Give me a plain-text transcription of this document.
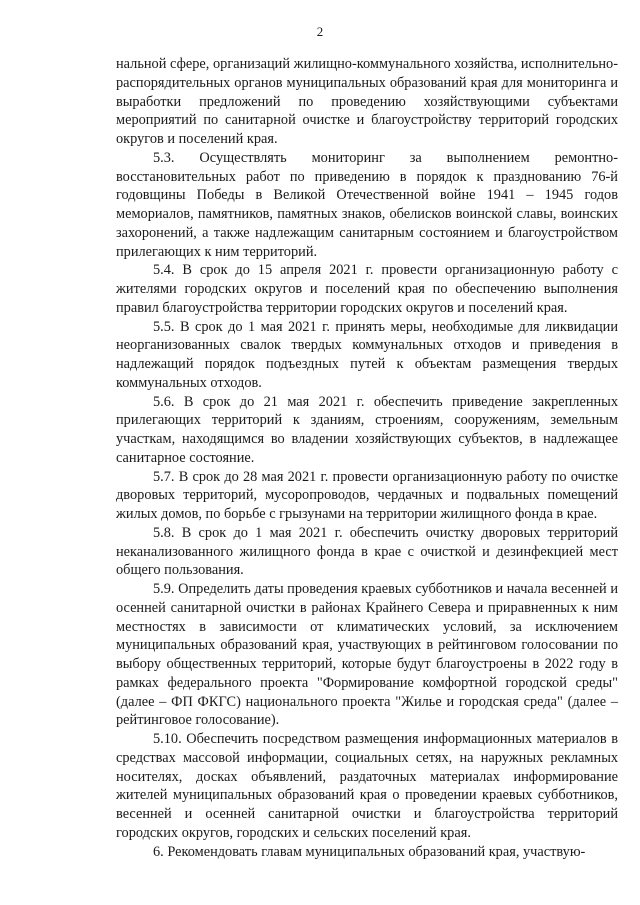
2

нальной сфере, организаций жилищно-коммунального хозяйства, исполнительно-распорядительных органов муниципальных образований края для мониторинга и выработки предложений по проведению хозяйствующими субъектами мероприятий по санитарной очистке и благоустройству территорий городских округов и поселений края.

5.3. Осуществлять мониторинг за выполнением ремонтно-восстановительных работ по приведению в порядок к празднованию 76-й годовщины Победы в Великой Отечественной войне 1941 – 1945 годов мемориалов, памятников, памятных знаков, обелисков воинской славы, воинских захоронений, а также надлежащим санитарным состоянием и благоустройством прилегающих к ним территорий.

5.4. В срок до 15 апреля 2021 г. провести организационную работу с жителями городских округов и поселений края по обеспечению выполнения правил благоустройства территории городских округов и поселений края.

5.5. В срок до 1 мая 2021 г. принять меры, необходимые для ликвидации неорганизованных свалок твердых коммунальных отходов и приведения в надлежащий порядок подъездных путей к объектам размещения твердых коммунальных отходов.

5.6. В срок до 21 мая 2021 г. обеспечить приведение закрепленных прилегающих территорий к зданиям, строениям, сооружениям, земельным участкам, находящимся во владении хозяйствующих субъектов, в надлежащее санитарное состояние.

5.7. В срок до 28 мая 2021 г. провести организационную работу по очистке дворовых территорий, мусоропроводов, чердачных и подвальных помещений жилых домов, по борьбе с грызунами на территории жилищного фонда в крае.

5.8. В срок до 1 мая 2021 г. обеспечить очистку дворовых территорий неканализованного жилищного фонда в крае с очисткой и дезинфекцией мест общего пользования.

5.9. Определить даты проведения краевых субботников и начала весенней и осенней санитарной очистки в районах Крайнего Севера и приравненных к ним местностях в зависимости от климатических условий, за исключением муниципальных образований края, участвующих в рейтинговом голосовании по выбору общественных территорий, которые будут благоустроены в 2022 году в рамках федерального проекта "Формирование комфортной городской среды" (далее – ФП ФКГС) национального проекта "Жилье и городская среда" (далее – рейтинговое голосование).

5.10. Обеспечить посредством размещения информационных материалов в средствах массовой информации, социальных сетях, на наружных рекламных носителях, досках объявлений, раздаточных материалах информирование жителей муниципальных образований края о проведении краевых субботников, весенней и осенней санитарной очистки и благоустройства территорий городских округов, городских и сельских поселений края.

6. Рекомендовать главам муниципальных образований края, участвую-
